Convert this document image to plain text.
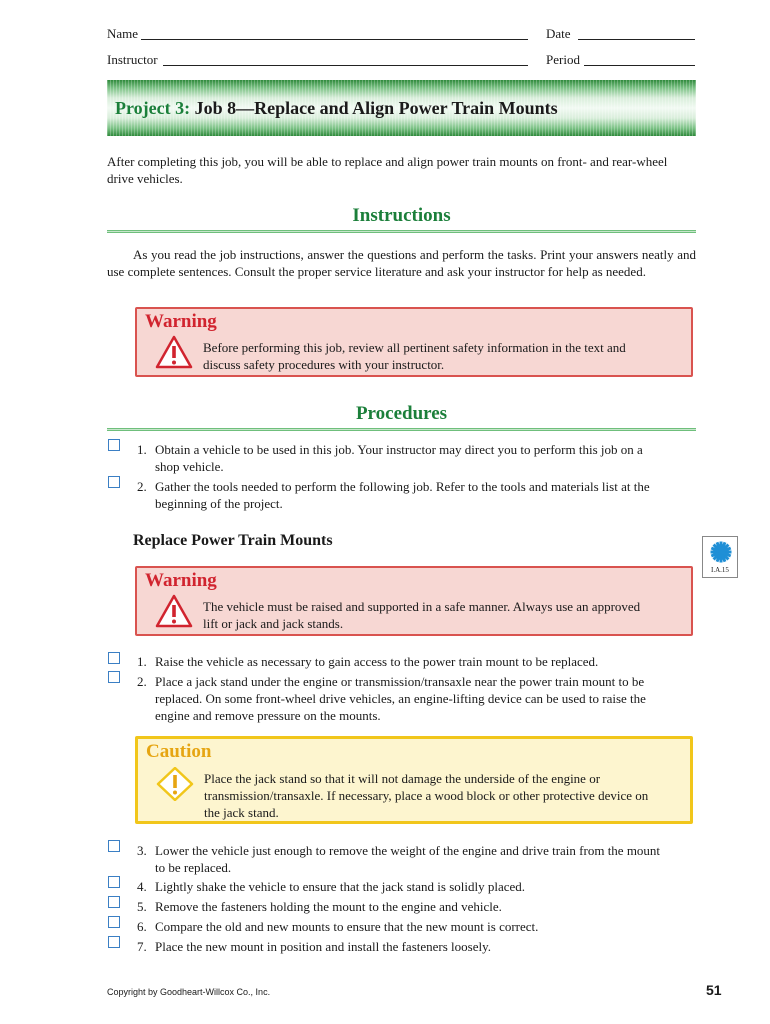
Name	Date
Instructor	Period
Project 3: Job 8—Replace and Align Power Train Mounts
After completing this job, you will be able to replace and align power train mounts on front- and rear-wheel drive vehicles.
Instructions
As you read the job instructions, answer the questions and perform the tasks. Print your answers neatly and use complete sentences. Consult the proper service literature and ask your instructor for help as needed.
Warning
Before performing this job, review all pertinent safety information in the text and
discuss safety procedures with your instructor.
Procedures
1. Obtain a vehicle to be used in this job. Your instructor may direct you to perform this job on a
shop vehicle.
2. Gather the tools needed to perform the following job. Refer to the tools and materials list at the
beginning of the project.
Replace Power Train Mounts
I.A.15
Warning
The vehicle must be raised and supported in a safe manner. Always use an approved
lift or jack and jack stands.
1. Raise the vehicle as necessary to gain access to the power train mount to be replaced.
2. Place a jack stand under the engine or transmission/transaxle near the power train mount to be
replaced. On some front-wheel drive vehicles, an engine-lifting device can be used to raise the
engine and remove pressure on the mounts.
Caution
Place the jack stand so that it will not damage the underside of the engine or
transmission/transaxle. If necessary, place a wood block or other protective device on
the jack stand.
3. Lower the vehicle just enough to remove the weight of the engine and drive train from the mount
to be replaced.
4. Lightly shake the vehicle to ensure that the jack stand is solidly placed.
5. Remove the fasteners holding the mount to the engine and vehicle.
6. Compare the old and new mounts to ensure that the new mount is correct.
7. Place the new mount in position and install the fasteners loosely.
Copyright by Goodheart-Willcox Co., Inc.	51
